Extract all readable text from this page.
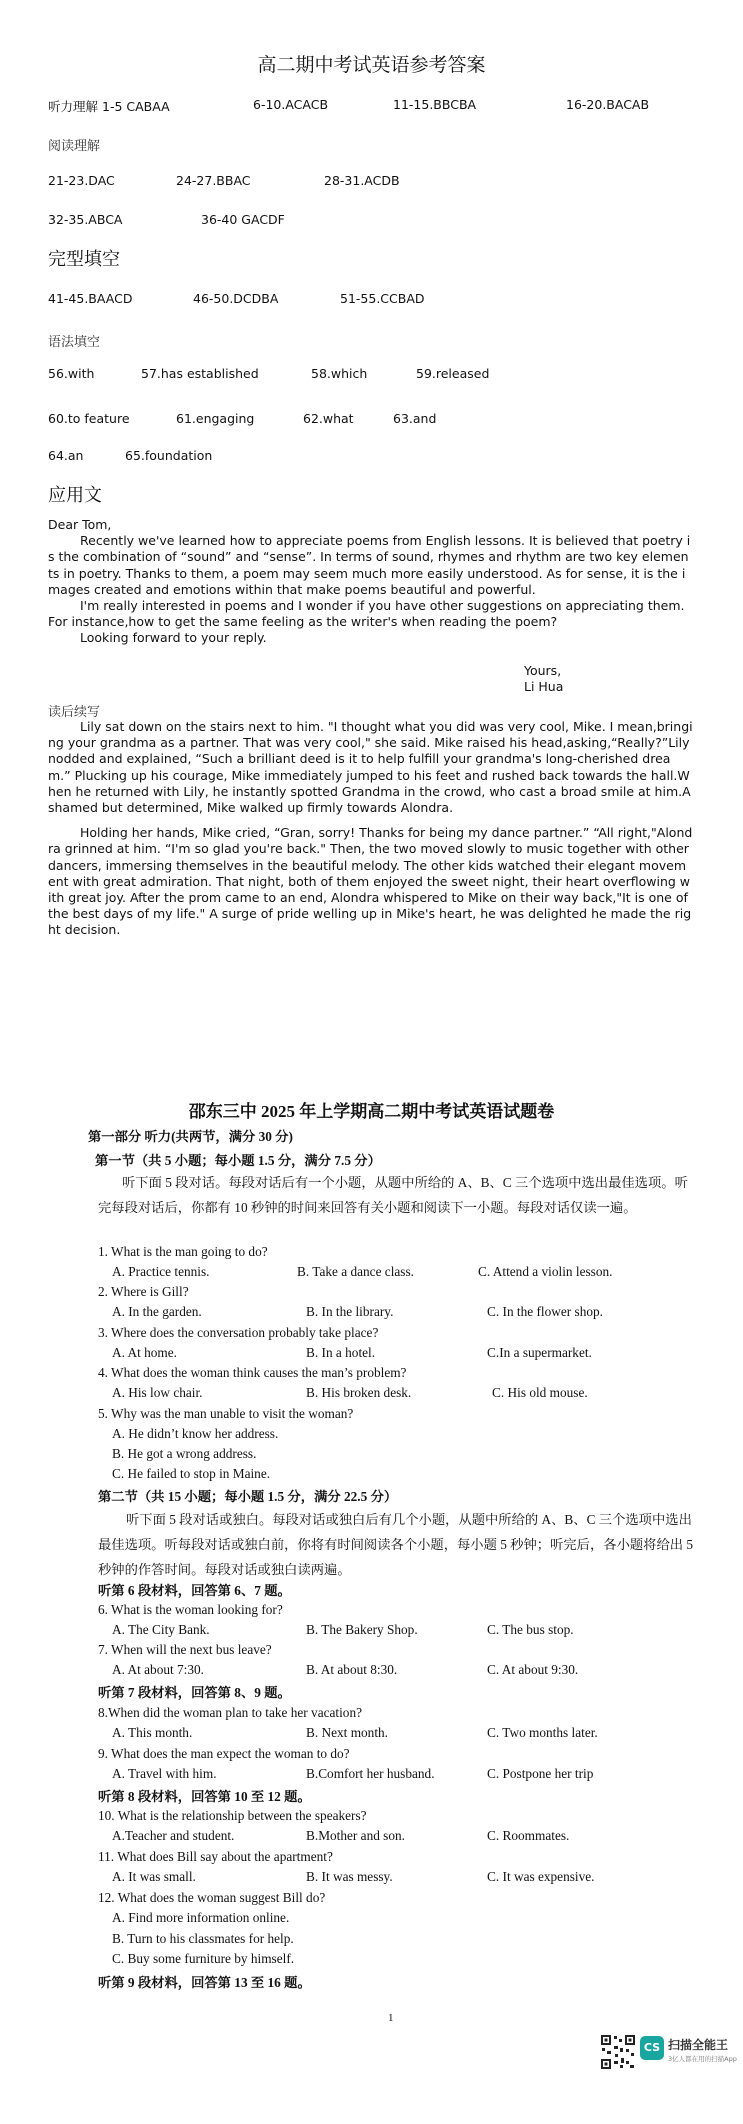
高二期中考试英语参考答案
听力理解 1-5 CABAA	6-10.ACACB	11-15.BBCBA	16-20.BACAB
阅读理解
21-23.DAC	24-27.BBAC	28-31.ACDB
32-35.ABCA	36-40 GACDF
完型填空
41-45.BAACD	46-50.DCDBA	51-55.CCBAD
语法填空
56.with	57.has established	58.which	59.released
60.to feature	61.engaging	62.what	63.and
64.an	65.foundation
应用文

Dear Tom,

Recently we've learned how to appreciate poems from English lessons. It is believed that poetry is the combination of “sound” and “sense”. In terms of sound, rhymes and rhythm are two key elements in poetry. Thanks to them, a poem may seem much more easily understood. As for sense, it is the images created and emotions within that make poems beautiful and powerful.

I'm really interested in poems and I wonder if you have other suggestions on appreciating them. For instance,how to get the same feeling as the writer's when reading the poem?

Looking forward to your reply.

Yours,
Li Hua
读后续写

Lily sat down on the stairs next to him. "I thought what you did was very cool, Mike. I mean,bringing your grandma as a partner. That was very cool," she said. Mike raised his head,asking,“Really?”Lily nodded and explained, “Such a brilliant deed is it to help fulfill your grandma's long-cherished dream.” Plucking up his courage, Mike immediately jumped to his feet and rushed back towards the hall.When he returned with Lily, he instantly spotted Grandma in the crowd, who cast a broad smile at him.Ashamed but determined, Mike walked up firmly towards Alondra.

Holding her hands, Mike cried, “Gran, sorry! Thanks for being my dance partner.” “All right,"Alondra grinned at him. “I'm so glad you're back." Then, the two moved slowly to music together with other dancers, immersing themselves in the beautiful melody. The other kids watched their elegant movement with great admiration. That night, both of them enjoyed the sweet night, their heart overflowing with great joy. After the prom came to an end, Alondra whispered to Mike on their way back,"It is one of the best days of my life." A surge of pride welling up in Mike's heart, he was delighted he made the right decision.

邵东三中 2025 年上学期高二期中考试英语试题卷
第一部分 听力(共两节，满分 30 分)
第一节（共 5 小题；每小题 1.5 分，满分 7.5 分）
听下面 5 段对话。每段对话后有一个小题，从题中所给的 A、B、C 三个选项中选出最佳选项。听完每段对话后，你都有 10 秒钟的时间来回答有关小题和阅读下一小题。每段对话仅读一遍。
1. What is the man going to do?
A. Practice tennis.	B. Take a dance class.	C. Attend a violin lesson.
2. Where is Gill?
A. In the garden.	B. In the library.	C. In the flower shop.
3. Where does the conversation probably take place?
A. At home.	B. In a hotel.	C.In a supermarket.
4. What does the woman think causes the man’s problem?
A. His low chair.	B. His broken desk.	C. His old mouse.
5. Why was the man unable to visit the woman?
A. He didn’t know her address.
B. He got a wrong address.
C. He failed to stop in Maine.
第二节（共 15 小题；每小题 1.5 分，满分 22.5 分）
听下面 5 段对话或独白。每段对话或独白后有几个小题，从题中所给的 A、B、C 三个选项中选出最佳选项。听每段对话或独白前，你将有时间阅读各个小题，每小题 5 秒钟；听完后，各小题将给出 5 秒钟的作答时间。每段对话或独白读两遍。
听第 6 段材料，回答第 6、7 题。
6. What is the woman looking for?
A. The City Bank.	B. The Bakery Shop.	C. The bus stop.
7. When will the next bus leave?
A. At about 7:30.	B. At about 8:30.	C. At about 9:30.
听第 7 段材料，回答第 8、9 题。
8.When did the woman plan to take her vacation?
A. This month.	B. Next month.	C. Two months later.
9. What does the man expect the woman to do?
A. Travel with him.	B.Comfort her husband.	C. Postpone her trip
听第 8 段材料，回答第 10 至 12 题。
10. What is the relationship between the speakers?
A.Teacher and student.	B.Mother and son.	C. Roommates.
11. What does Bill say about the apartment?
A. It was small.	B. It was messy.	C. It was expensive.
12. What does the woman suggest Bill do?
A. Find more information online.
B. Turn to his classmates for help.
C. Buy some furniture by himself.
听第 9 段材料，回答第 13 至 16 题。
1
CS 扫描全能王
3亿人都在用的扫描App
